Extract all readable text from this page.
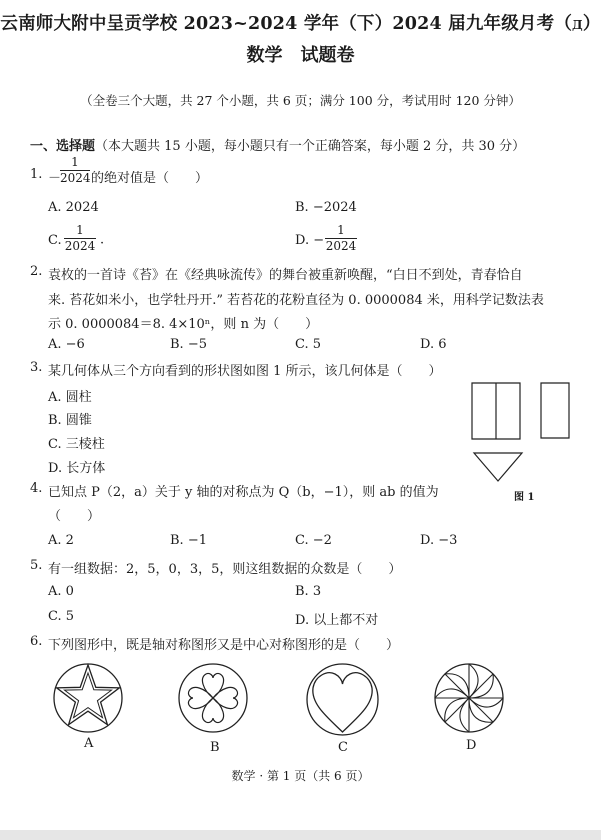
云南师大附中呈贡学校 2023~2024 学年（下）2024 届九年级月考（Д）
数学　试题卷
（全卷三个大题，共 27 个小题，共 6 页；满分 100 分，考试用时 120 分钟）
一、选择题（本大题共 15 小题，每小题只有一个正确答案，每小题 2 分，共 30 分）
1. －
$\frac{1}{2024}$ 的绝对值是（　　）
A. 2024	B. −2024
C. $\frac{1}{2024}$ ·	D. − $\frac{1}{2024}$
2. 袁枚的一首诗《苔》在《经典咏流传》的舞台被重新唤醒，“白日不到处，青春恰自
来. 苔花如米小，也学牡丹开.” 若苔花的花粉直径为 0. 0000084 米，用科学记数法表
示 0. 0000084＝8. 4×10ⁿ，则 n 为（　　）
A. −6	B. −5	C. 5	D. 6
3. 某几何体从三个方向看到的形状图如图 1 所示，该几何体是（　　）
A. 圆柱
B. 圆锥
C. 三棱柱
D. 长方体
图 1
4. 已知点 P（2，a）关于 y 轴的对称点为 Q（b，−1），则 ab 的值为
（　　）
A. 2	B. −1	C. −2	D. −3
5. 有一组数据：2，5，0，3，5，则这组数据的众数是（　　）
A. 0	B. 3
C. 5	D. 以上都不对
6. 下列图形中，既是轴对称图形又是中心对称图形的是（　　）
A	B	C	D
数学 · 第 1 页（共 6 页）
